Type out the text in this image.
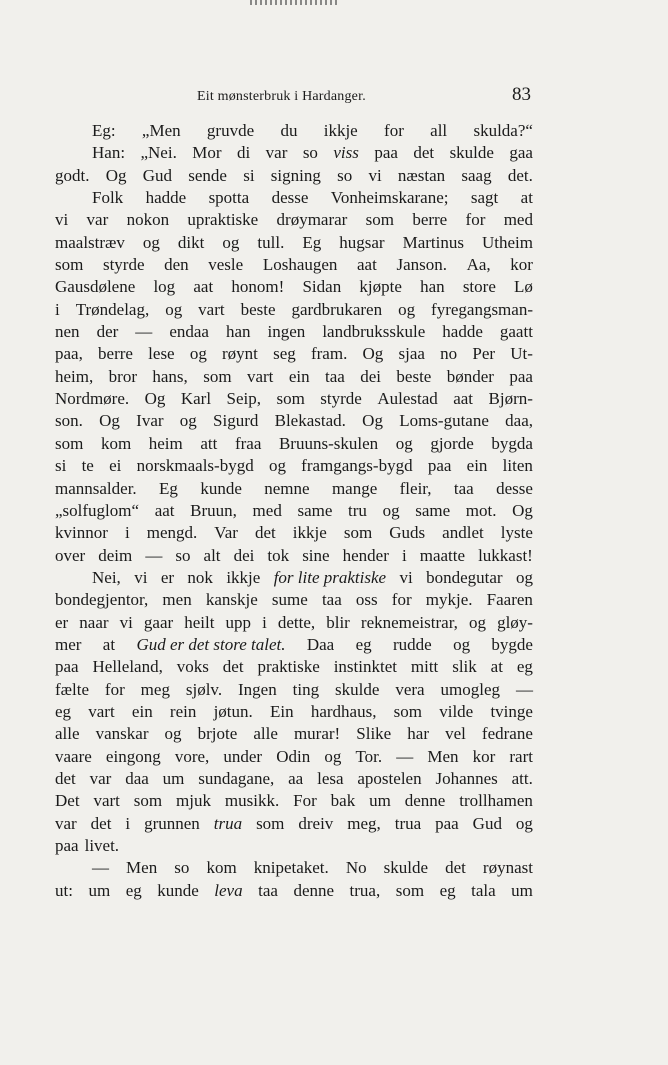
Eit mønsterbruk i Hardanger.	83
Eg: „Men gruvde du ikkje for all skulda?“
Han: „Nei. Mor di var so viss paa det skulde gaa
godt. Og Gud sende si signing so vi næstan saag det.
Folk hadde spotta desse Vonheimskarane; sagt at
vi var nokon upraktiske drøymarar som berre for med
maalstræv og dikt og tull. Eg hugsar Martinus Utheim
som styrde den vesle Loshaugen aat Janson. Aa, kor
Gausdølene log aat honom! Sidan kjøpte han store Lø
i Trøndelag, og vart beste gardbrukaren og fyregangsman-
nen der — endaa han ingen landbruksskule hadde gaatt
paa, berre lese og røynt seg fram. Og sjaa no Per Ut-
heim, bror hans, som vart ein taa dei beste bønder paa
Nordmøre. Og Karl Seip, som styrde Aulestad aat Bjørn-
son. Og Ivar og Sigurd Blekastad. Og Loms-gutane daa,
som kom heim att fraa Bruuns-skulen og gjorde bygda
si te ei norskmaals-bygd og framgangs-bygd paa ein liten
mannsalder. Eg kunde nemne mange fleir, taa desse
„solfuglom“ aat Bruun, med same tru og same mot. Og
kvinnor i mengd. Var det ikkje som Guds andlet lyste
over deim — so alt dei tok sine hender i maatte lukkast!
Nei, vi er nok ikkje for lite praktiske vi bondegutar og
bondegjentor, men kanskje sume taa oss for mykje. Faaren
er naar vi gaar heilt upp i dette, blir reknemeistrar, og gløy-
mer at Gud er det store talet. Daa eg rudde og bygde
paa Helleland, voks det praktiske instinktet mitt slik at eg
fælte for meg sjølv. Ingen ting skulde vera umogleg —
eg vart ein rein jøtun. Ein hardhaus, som vilde tvinge
alle vanskar og brjote alle murar! Slike har vel fedrane
vaare eingong vore, under Odin og Tor. — Men kor rart
det var daa um sundagane, aa lesa apostelen Johannes att.
Det vart som mjuk musikk. For bak um denne trollhamen
var det i grunnen trua som dreiv meg, trua paa Gud og
paa livet.
— Men so kom knipetaket. No skulde det røynast
ut: um eg kunde leva taa denne trua, som eg tala um
